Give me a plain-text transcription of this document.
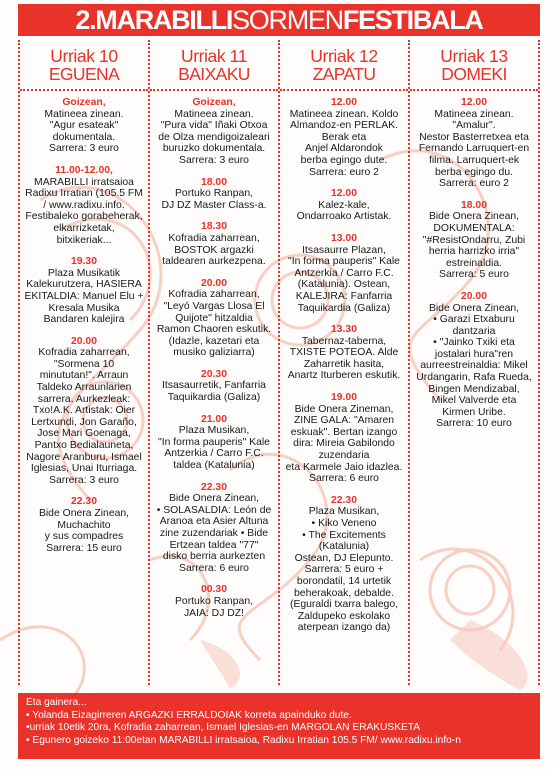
2.MARABILLI SORMEN FESTIBALA
Urriak 10
EGUENA
Goizean,
Matineea zinean.
"Agur esateak"
dokumentala.
Sarrera: 3 euro
11.00-12.00,
MARABILLI irratsaioa
Radixu Irratian (105.5 FM
/ www.radixu.info.
Festibaleko gorabeherak,
elkarrizketak,
bitxikeriak...
19.30
Plaza Musikatik
Kalekurutzera, HASIERA
EKITALDIA: Manuel Elu +
Kresala Musika
Bandaren kalejira
20.00
Kofradia zaharrean,
"Sormena 10
minututan!". Arraun
Taldeko Arraunlarien
sarrera. Aurkezleak:
Txo!A.K. Artistak: Oier
Lertxundi, Jon Garaño,
Jose Mari Goenaga,
Pantxo Bedialauneta,
Nagore Aranburu, Ismael
Iglesias, Unai Iturriaga.
Sarrera: 3 euro
22.30
Bide Onera Zinean,
Muchachito
y sus compadres
Sarrera: 15 euro
Urriak 11
BAIXAKU
Goizean,
Matineea zinean.
"Pura vida" Iñaki Otxoa
de Olza mendigoizaleari
buruzko dokumentala.
Sarrera: 3 euro
18.00
Portuko Ranpan,
DJ DZ Master Class-a.
18.30
Kofradia zaharrean,
BOSTOK argazki
taldearen aurkezpena.
20.00
Kofradia zaharrean,
"Leyó Vargas Llosa El
Quijote" hitzaldia
Ramon Chaoren eskutik.
(Idazle, kazetari eta
musiko galiziarra)
20.30
Itsasaurretik, Fanfarria
Taquikardia (Galiza)
21.00
Plaza Musikan,
"In forma pauperis" Kale
Antzerkia / Carro F.C.
taldea (Katalunia)
22.30
Bide Onera Zinean,
• SOLASALDIA: León de
Aranoa eta Asier Altuna
zine zuzendariak • Bide
Ertzean taldea "77"
disko berria aurkezten
Sarrera: 6 euro
00.30
Portuko Ranpan,
JAIA: DJ DZ!
Urriak 12
ZAPATU
12.00
Matineea zinean. Koldo
Almandoz-en PERLAK.
Berak eta
Anjel Aldarondok
berba egingo dute.
Sarrera: euro 2
12.00
Kalez-kale,
Ondarroako Artistak.
13.00
Itsasaurre Plazan,
"In forma pauperis" Kale
Antzerkia / Carro F.C.
(Katalunia). Ostean,
KALEJIRA: Fanfarria
Taquikardia (Galiza)
13.30
Tabernaz-taberna,
TXISTE POTEOA. Alde
Zaharretik hasita,
Anartz Iturberen eskutik.
19.00
Bide Onera Zineman,
ZINE GALA: "Amaren
eskuak". Bertan izango
dira: Mireia Gabilondo
zuzendaria
eta Karmele Jaio idazlea.
Sarrera: 6 euro
22.30
Plaza Musikan,
• Kiko Veneno
• The Excitements
(Katalunia)
Ostean, DJ Elepunto.
Sarrera: 5 euro + borondatil, 14 urtetik beherakoak, debalde. (Eguraldi txarra balego, Zaldupeko eskolako aterpean izango da)
Urriak 13
DOMEKI
12.00
Matineea zinean.
"Amalur".
Nestor Basterretxea eta
Fernando Larruquert-en
filma. Larruquert-ek
berba egingo du.
Sarrera: euro 2
18.00
Bide Onera Zinean,
DOKUMENTALA:
"#ResistOndarru, Zubi
herria harrizko irria"
estreinaldia.
Sarrera: 5 euro
20.00
Bide Onera Zinean,
• Garazi Etxaburu
dantzaria
• "Jainko Txiki eta
jostalari hura"ren
aurreestreinaldia: Mikel
Urdangarin, Rafa Rueda,
Bingen Mendizabal,
Mikel Valverde eta
Kirmen Uribe.
Sarrera: 10 euro
Eta gainera...
• Yolanda Eizagirreren ARGAZKI ERRALDOIAK korreta apainduko dute.
•urriak 10etik 20ra, Kofradia zaharrean, Ismael Iglesias-en MARGOLAN ERAKUSKETA
• Egunero goizeko 11:00etan MARABILLI irratsaioa, Radixu Irratian 105.5 FM/ www.radixu.info-n
